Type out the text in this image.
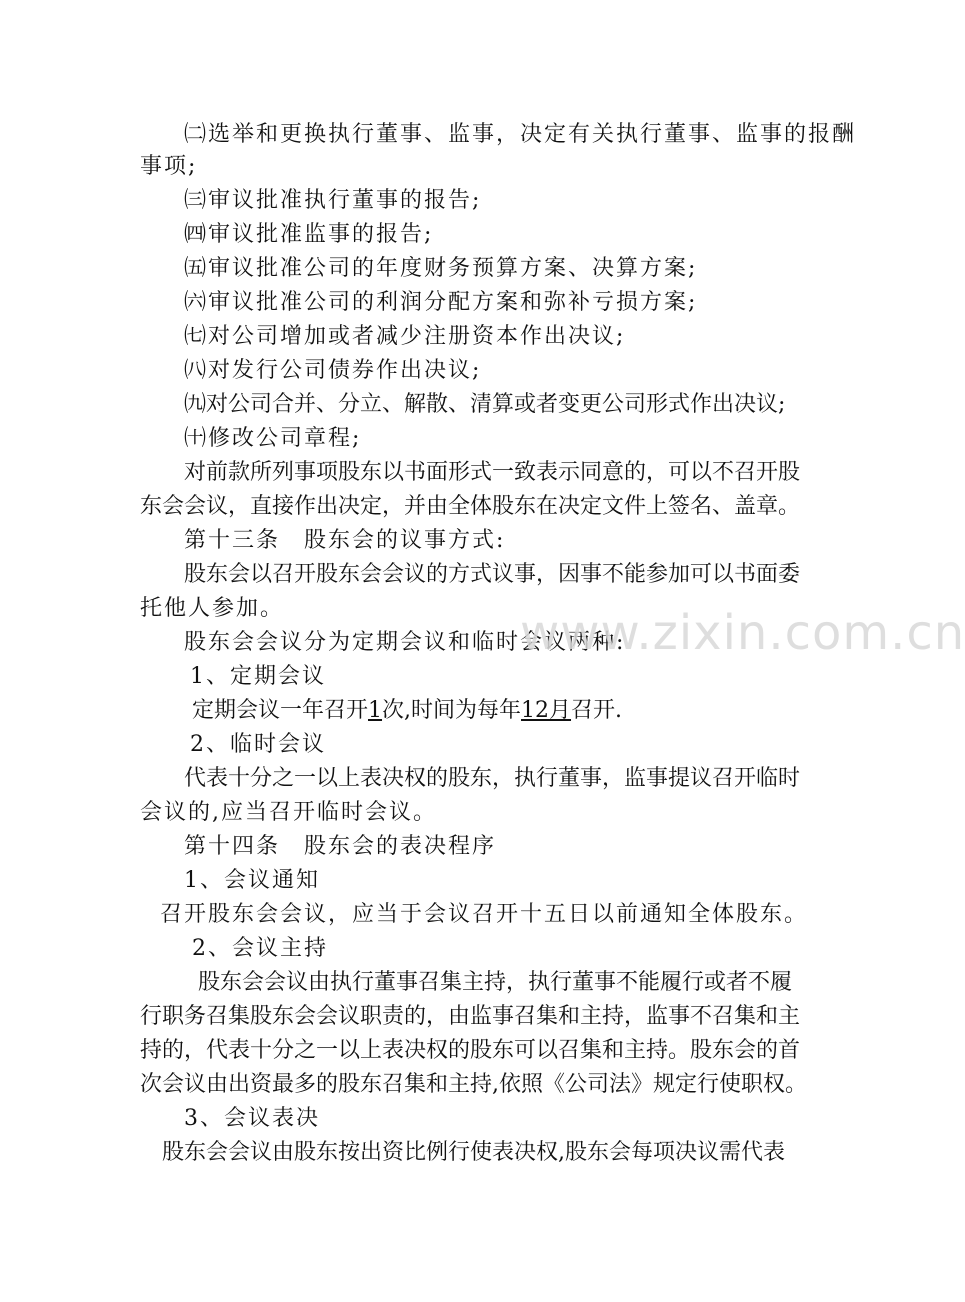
㈡选举和更换执行董事、监事，决定有关执行董事、监事的报酬
事项;
㈢审议批准执行董事的报告;
㈣审议批准监事的报告;
㈤审议批准公司的年度财务预算方案、决算方案;
㈥审议批准公司的利润分配方案和弥补亏损方案;
㈦对公司增加或者减少注册资本作出决议;
㈧对发行公司债券作出决议;
㈨对公司合并、分立、解散、清算或者变更公司形式作出决议;
㈩修改公司章程;
对前款所列事项股东以书面形式一致表示同意的，可以不召开股
东会会议，直接作出决定，并由全体股东在决定文件上签名、盖章。
第十三条　股东会的议事方式:
股东会以召开股东会会议的方式议事，因事不能参加可以书面委
托他人参加。
股东会会议分为定期会议和临时会议两种:
1、定期会议
定期会议一年召开1次,时间为每年12月召开.
2、临时会议
代表十分之一以上表决权的股东，执行董事，监事提议召开临时
会议的,应当召开临时会议。
第十四条　股东会的表决程序
1、会议通知
召开股东会会议，应当于会议召开十五日以前通知全体股东。
2、会议主持
股东会会议由执行董事召集主持，执行董事不能履行或者不履
行职务召集股东会会议职责的，由监事召集和主持，监事不召集和主
持的，代表十分之一以上表决权的股东可以召集和主持。股东会的首
次会议由出资最多的股东召集和主持,依照《公司法》规定行使职权。
3、会议表决
股东会会议由股东按出资比例行使表决权,股东会每项决议需代表
www.zixin.com.cn
